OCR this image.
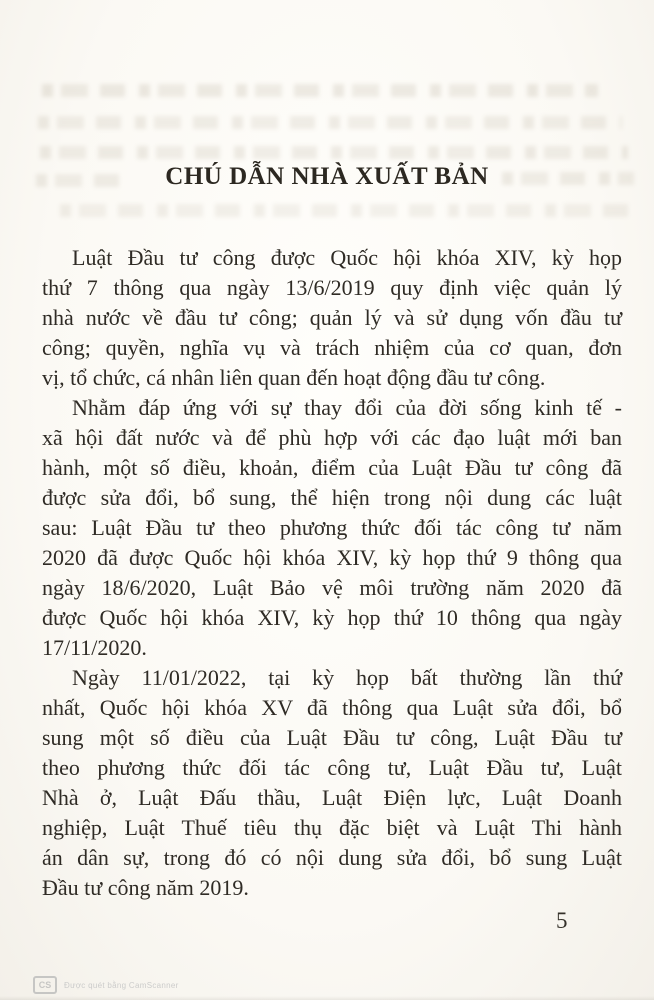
CHÚ DẪN NHÀ XUẤT BẢN
Luật Đầu tư công được Quốc hội khóa XIV, kỳ họp
thứ 7 thông qua ngày 13/6/2019 quy định việc quản lý
nhà nước về đầu tư công; quản lý và sử dụng vốn đầu tư
công; quyền, nghĩa vụ và trách nhiệm của cơ quan, đơn
vị, tổ chức, cá nhân liên quan đến hoạt động đầu tư công.
Nhằm đáp ứng với sự thay đổi của đời sống kinh tế -
xã hội đất nước và để phù hợp với các đạo luật mới ban
hành, một số điều, khoản, điểm của Luật Đầu tư công đã
được sửa đổi, bổ sung, thể hiện trong nội dung các luật
sau: Luật Đầu tư theo phương thức đối tác công tư năm
2020 đã được Quốc hội khóa XIV, kỳ họp thứ 9 thông qua
ngày 18/6/2020, Luật Bảo vệ môi trường năm 2020 đã
được Quốc hội khóa XIV, kỳ họp thứ 10 thông qua ngày
17/11/2020.
Ngày 11/01/2022, tại kỳ họp bất thường lần thứ
nhất, Quốc hội khóa XV đã thông qua Luật sửa đổi, bổ
sung một số điều của Luật Đầu tư công, Luật Đầu tư
theo phương thức đối tác công tư, Luật Đầu tư, Luật
Nhà ở, Luật Đấu thầu, Luật Điện lực, Luật Doanh
nghiệp, Luật Thuế tiêu thụ đặc biệt và Luật Thi hành
án dân sự, trong đó có nội dung sửa đổi, bổ sung Luật
Đầu tư công năm 2019.
5
CS	Được quét bằng CamScanner
